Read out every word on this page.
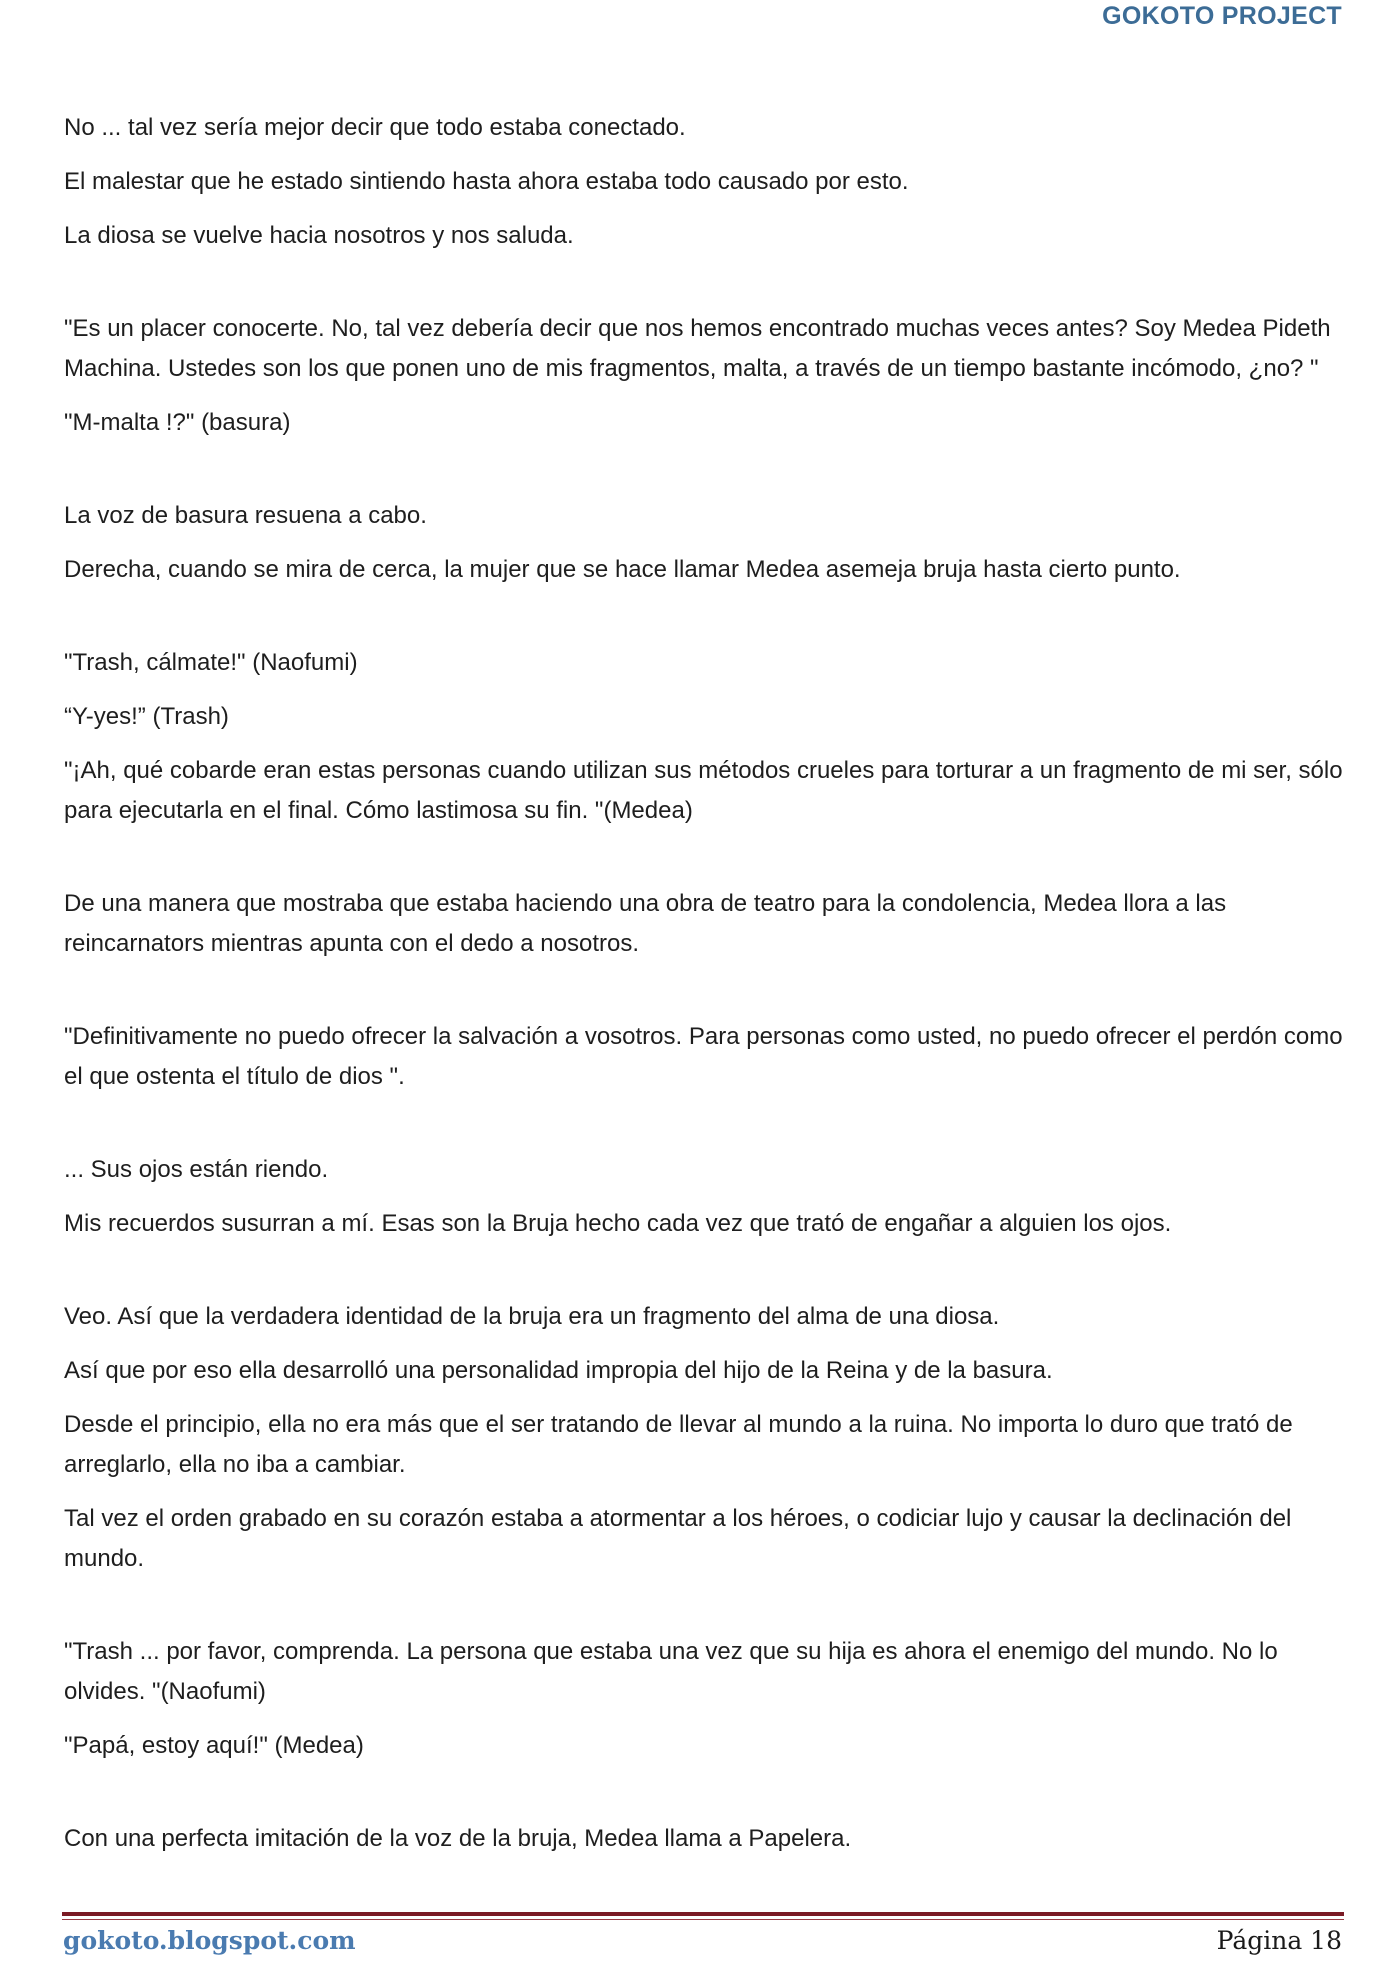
GOKOTO PROJECT

No ... tal vez sería mejor decir que todo estaba conectado.

El malestar que he estado sintiendo hasta ahora estaba todo causado por esto.

La diosa se vuelve hacia nosotros y nos saluda.

"Es un placer conocerte. No, tal vez debería decir que nos hemos encontrado muchas veces antes? Soy Medea Pideth Machina. Ustedes son los que ponen uno de mis fragmentos, malta, a través de un tiempo bastante incómodo, ¿no? "

"M-malta !?" (basura)

La voz de basura resuena a cabo.

Derecha, cuando se mira de cerca, la mujer que se hace llamar Medea asemeja bruja hasta cierto punto.

"Trash, cálmate!" (Naofumi)

“Y-yes!” (Trash)

"¡Ah, qué cobarde eran estas personas cuando utilizan sus métodos crueles para torturar a un fragmento de mi ser, sólo para ejecutarla en el final. Cómo lastimosa su fin. "(Medea)

De una manera que mostraba que estaba haciendo una obra de teatro para la condolencia, Medea llora a las reincarnators mientras apunta con el dedo a nosotros.

"Definitivamente no puedo ofrecer la salvación a vosotros. Para personas como usted, no puedo ofrecer el perdón como el que ostenta el título de dios ".

... Sus ojos están riendo.

Mis recuerdos susurran a mí. Esas son la Bruja hecho cada vez que trató de engañar a alguien los ojos.

Veo. Así que la verdadera identidad de la bruja era un fragmento del alma de una diosa.

Así que por eso ella desarrolló una personalidad impropia del hijo de la Reina y de la basura.

Desde el principio, ella no era más que el ser tratando de llevar al mundo a la ruina. No importa lo duro que trató de arreglarlo, ella no iba a cambiar.

Tal vez el orden grabado en su corazón estaba a atormentar a los héroes, o codiciar lujo y causar la declinación del mundo.

"Trash ... por favor, comprenda. La persona que estaba una vez que su hija es ahora el enemigo del mundo. No lo olvides. "(Naofumi)

"Papá, estoy aquí!" (Medea)

Con una perfecta imitación de la voz de la bruja, Medea llama a Papelera.

gokoto.blogspot.com	Página 18
